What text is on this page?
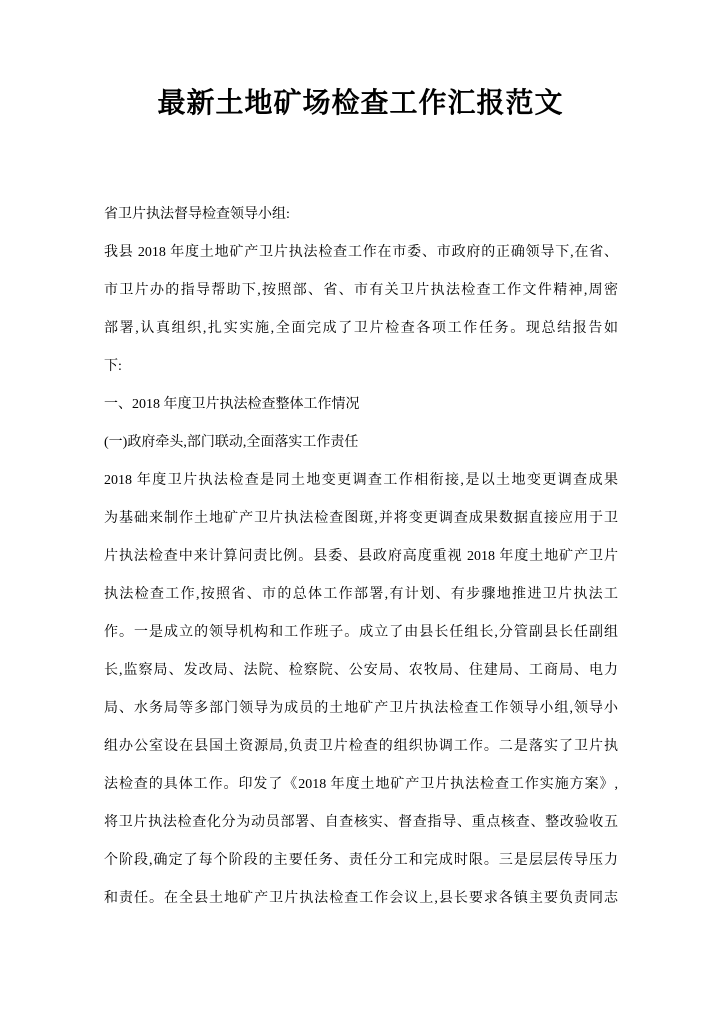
最新土地矿场检查工作汇报范文
省卫片执法督导检查领导小组:
我县 2018 年度土地矿产卫片执法检查工作在市委、市政府的正确领导下,在省、
市卫片办的指导帮助下,按照部、省、市有关卫片执法检查工作文件精神,周密
部署,认真组织,扎实实施,全面完成了卫片检查各项工作任务。现总结报告如
下:
一、2018 年度卫片执法检查整体工作情况
(一)政府牵头,部门联动,全面落实工作责任
2018 年度卫片执法检查是同土地变更调查工作相衔接,是以土地变更调查成果
为基础来制作土地矿产卫片执法检查图斑,并将变更调查成果数据直接应用于卫
片执法检查中来计算问责比例。县委、县政府高度重视 2018 年度土地矿产卫片
执法检查工作,按照省、市的总体工作部署,有计划、有步骤地推进卫片执法工
作。一是成立的领导机构和工作班子。成立了由县长任组长,分管副县长任副组
长,监察局、发改局、法院、检察院、公安局、农牧局、住建局、工商局、电力
局、水务局等多部门领导为成员的土地矿产卫片执法检查工作领导小组,领导小
组办公室设在县国土资源局,负责卫片检查的组织协调工作。二是落实了卫片执
法检查的具体工作。印发了《2018 年度土地矿产卫片执法检查工作实施方案》,
将卫片执法检查化分为动员部署、自查核实、督查指导、重点核查、整改验收五
个阶段,确定了每个阶段的主要任务、责任分工和完成时限。三是层层传导压力
和责任。在全县土地矿产卫片执法检查工作会议上,县长要求各镇主要负责同志
